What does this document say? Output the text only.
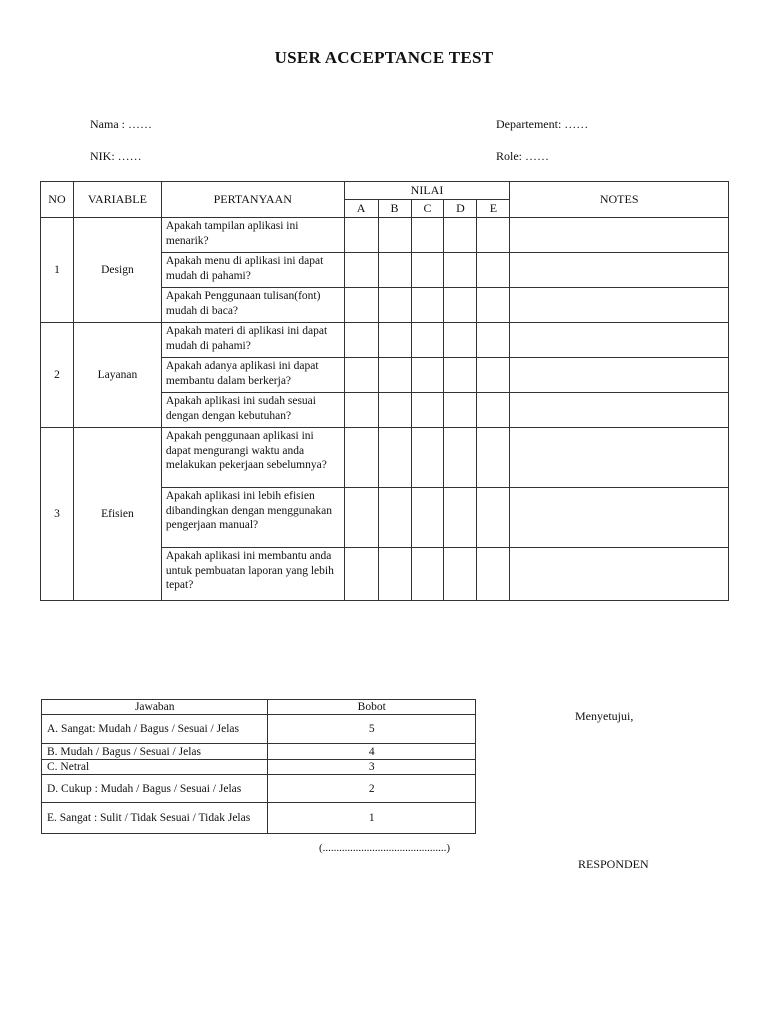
USER ACCEPTANCE TEST
Nama : ……
NIK: ……
Departement: ……
Role: ……
NO	VARIABLE	PERTANYAAN	NILAI					NOTES
			A	B	C	D	E	
1	Design	Apakah tampilan aplikasi ini menarik?						
		Apakah menu di aplikasi ini dapat mudah di pahami?						
		Apakah Penggunaan tulisan(font) mudah di baca?						
2	Layanan	Apakah materi di aplikasi ini dapat mudah di pahami?						
		Apakah adanya aplikasi ini dapat membantu dalam berkerja?						
		Apakah aplikasi ini sudah sesuai dengan dengan kebutuhan?						
3	Efisien	Apakah penggunaan aplikasi ini dapat mengurangi waktu anda melakukan pekerjaan sebelumnya?						
		Apakah aplikasi ini lebih efisien dibandingkan dengan menggunakan pengerjaan manual?						
		Apakah aplikasi ini membantu anda untuk pembuatan laporan yang lebih tepat?						
Jawaban	Bobot
A. Sangat: Mudah / Bagus / Sesuai / Jelas	5
B. Mudah / Bagus / Sesuai / Jelas	4
C. Netral	3
D. Cukup : Mudah / Bagus / Sesuai / Jelas	2
E. Sangat : Sulit / Tidak Sesuai / Tidak Jelas	1
Menyetujui,
(.............................................)
RESPONDEN
